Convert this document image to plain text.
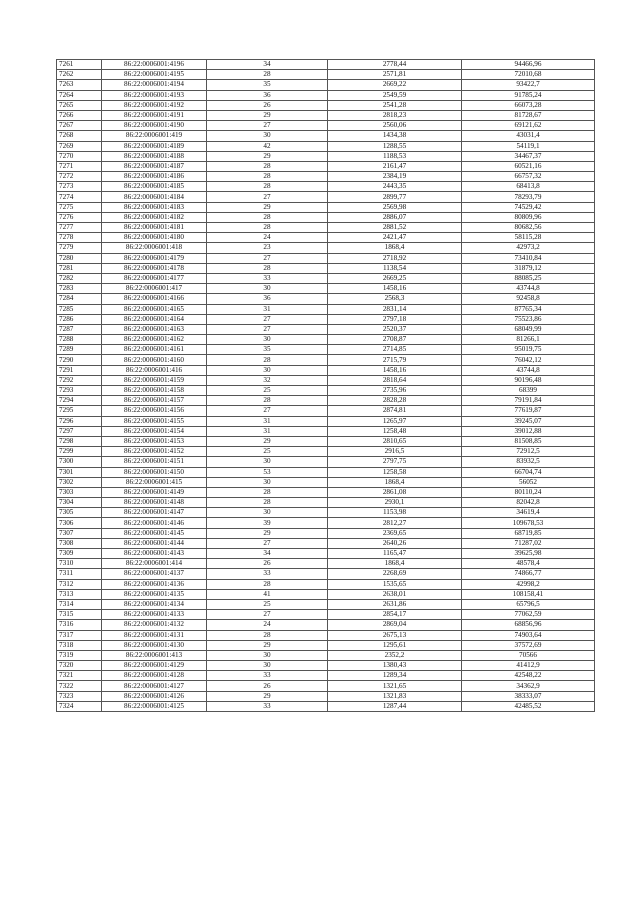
7261	86:22:0006001:4196	34	2778,44	94466,96
7262	86:22:0006001:4195	28	2571,81	72010,68
7263	86:22:0006001:4194	35	2669,22	93422,7
7264	86:22:0006001:4193	36	2549,59	91785,24
7265	86:22:0006001:4192	26	2541,28	66073,28
7266	86:22:0006001:4191	29	2818,23	81728,67
7267	86:22:0006001:4190	27	2560,06	69121,62
7268	86:22:0006001:419	30	1434,38	43031,4
7269	86:22:0006001:4189	42	1288,55	54119,1
7270	86:22:0006001:4188	29	1188,53	34467,37
7271	86:22:0006001:4187	28	2161,47	60521,16
7272	86:22:0006001:4186	28	2384,19	66757,32
7273	86:22:0006001:4185	28	2443,35	68413,8
7274	86:22:0006001:4184	27	2899,77	78293,79
7275	86:22:0006001:4183	29	2569,98	74529,42
7276	86:22:0006001:4182	28	2886,07	80809,96
7277	86:22:0006001:4181	28	2881,52	80682,56
7278	86:22:0006001:4180	24	2421,47	58115,28
7279	86:22:0006001:418	23	1868,4	42973,2
7280	86:22:0006001:4179	27	2718,92	73410,84
7281	86:22:0006001:4178	28	1138,54	31879,12
7282	86:22:0006001:4177	33	2669,25	88085,25
7283	86:22:0006001:417	30	1458,16	43744,8
7284	86:22:0006001:4166	36	2568,3	92458,8
7285	86:22:0006001:4165	31	2831,14	87765,34
7286	86:22:0006001:4164	27	2797,18	75523,86
7287	86:22:0006001:4163	27	2520,37	68049,99
7288	86:22:0006001:4162	30	2708,87	81266,1
7289	86:22:0006001:4161	35	2714,85	95019,75
7290	86:22:0006001:4160	28	2715,79	76042,12
7291	86:22:0006001:416	30	1458,16	43744,8
7292	86:22:0006001:4159	32	2818,64	90196,48
7293	86:22:0006001:4158	25	2735,96	68399
7294	86:22:0006001:4157	28	2828,28	79191,84
7295	86:22:0006001:4156	27	2874,81	77619,87
7296	86:22:0006001:4155	31	1265,97	39245,07
7297	86:22:0006001:4154	31	1258,48	39012,88
7298	86:22:0006001:4153	29	2810,65	81508,85
7299	86:22:0006001:4152	25	2916,5	72912,5
7300	86:22:0006001:4151	30	2797,75	83932,5
7301	86:22:0006001:4150	53	1258,58	66704,74
7302	86:22:0006001:415	30	1868,4	56052
7303	86:22:0006001:4149	28	2861,08	80110,24
7304	86:22:0006001:4148	28	2930,1	82042,8
7305	86:22:0006001:4147	30	1153,98	34619,4
7306	86:22:0006001:4146	39	2812,27	109678,53
7307	86:22:0006001:4145	29	2369,65	68719,85
7308	86:22:0006001:4144	27	2640,26	71287,02
7309	86:22:0006001:4143	34	1165,47	39625,98
7310	86:22:0006001:414	26	1868,4	48578,4
7311	86:22:0006001:4137	33	2268,69	74866,77
7312	86:22:0006001:4136	28	1535,65	42998,2
7313	86:22:0006001:4135	41	2638,01	108158,41
7314	86:22:0006001:4134	25	2631,86	65796,5
7315	86:22:0006001:4133	27	2854,17	77062,59
7316	86:22:0006001:4132	24	2869,04	68856,96
7317	86:22:0006001:4131	28	2675,13	74903,64
7318	86:22:0006001:4130	29	1295,61	37572,69
7319	86:22:0006001:413	30	2352,2	70566
7320	86:22:0006001:4129	30	1380,43	41412,9
7321	86:22:0006001:4128	33	1289,34	42548,22
7322	86:22:0006001:4127	26	1321,65	34362,9
7323	86:22:0006001:4126	29	1321,83	38333,07
7324	86:22:0006001:4125	33	1287,44	42485,52
